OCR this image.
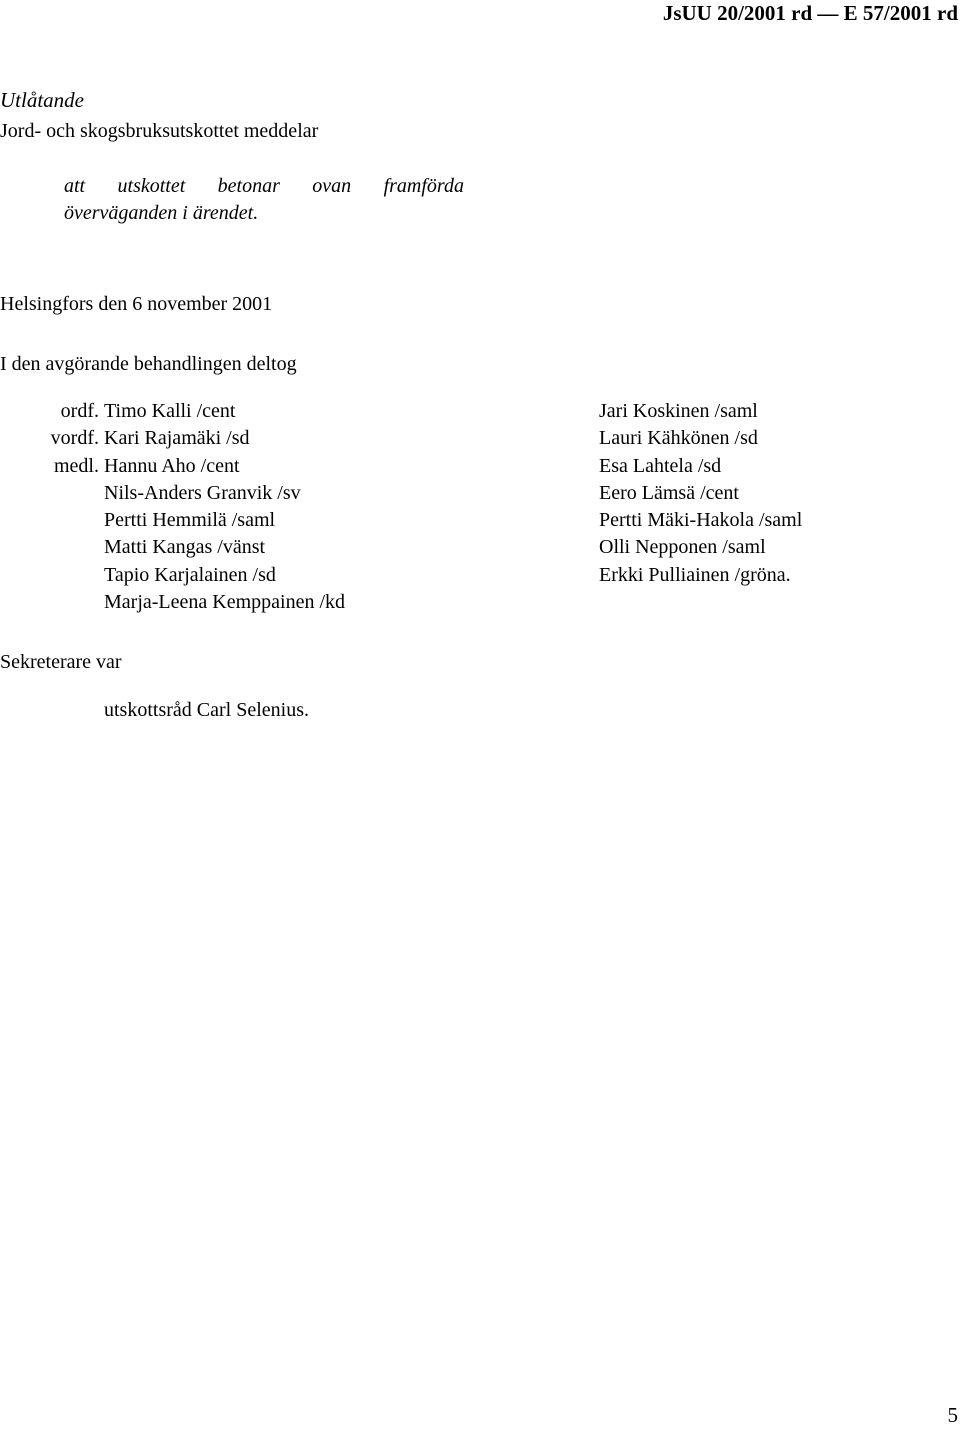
JsUU 20/2001 rd — E 57/2001 rd
Utlåtande
Jord- och skogsbruksutskottet meddelar
att utskottet betonar ovan framförda
överväganden i ärendet.
Helsingfors den 6 november 2001
I den avgörande behandlingen deltog
ordf.
vordf.
medl.
Timo Kalli /cent
Kari Rajamäki /sd
Hannu Aho /cent
Nils-Anders Granvik /sv
Pertti Hemmilä /saml
Matti Kangas /vänst
Tapio Karjalainen /sd
Marja-Leena Kemppainen /kd
Jari Koskinen /saml
Lauri Kähkönen /sd
Esa Lahtela /sd
Eero Lämsä /cent
Pertti Mäki-Hakola /saml
Olli Nepponen /saml
Erkki Pulliainen /gröna.
Sekreterare var
utskottsråd Carl Selenius.
5
